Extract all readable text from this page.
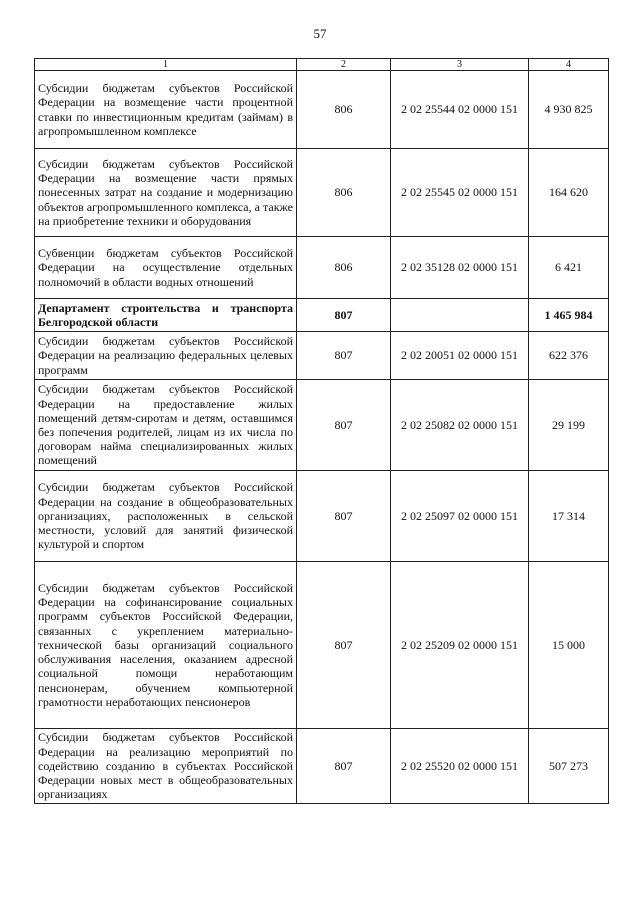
57
1	2	3	4
Субсидии бюджетам субъектов Российской Федерации на возмещение части процентной ставки по инвестиционным кредитам (займам) в агропромышленном комплексе	806	2 02 25544 02 0000 151	4 930 825
Субсидии бюджетам субъектов Российской Федерации на возмещение части прямых понесенных затрат на создание и модернизацию объектов агропромышленного комплекса, а также на приобретение техники и оборудования	806	2 02 25545 02 0000 151	164 620
Субвенции бюджетам субъектов Российской Федерации на осуществление отдельных полномочий в области водных отношений	806	2 02 35128 02 0000 151	6 421
Департамент строительства и транспорта Белгородской области	807		1 465 984
Субсидии бюджетам субъектов Российской Федерации на реализацию федеральных целевых программ	807	2 02 20051 02 0000 151	622 376
Субсидии бюджетам субъектов Российской Федерации на предоставление жилых помещений детям-сиротам и детям, оставшимся без попечения родителей, лицам из их числа по договорам найма специализированных жилых помещений	807	2 02 25082 02 0000 151	29 199
Субсидии бюджетам субъектов Российской Федерации на создание в общеобразовательных организациях, расположенных в сельской местности, условий для занятий физической культурой и спортом	807	2 02 25097 02 0000 151	17 314
Субсидии бюджетам субъектов Российской Федерации на софинансирование социальных программ субъектов Российской Федерации, связанных с укреплением материально-технической базы организаций социального обслуживания населения, оказанием адресной социальной помощи неработающим пенсионерам, обучением компьютерной грамотности неработающих пенсионеров	807	2 02 25209 02 0000 151	15 000
Субсидии бюджетам субъектов Российской Федерации на реализацию мероприятий по содействию созданию в субъектах Российской Федерации новых мест в общеобразовательных организациях	807	2 02 25520 02 0000 151	507 273
